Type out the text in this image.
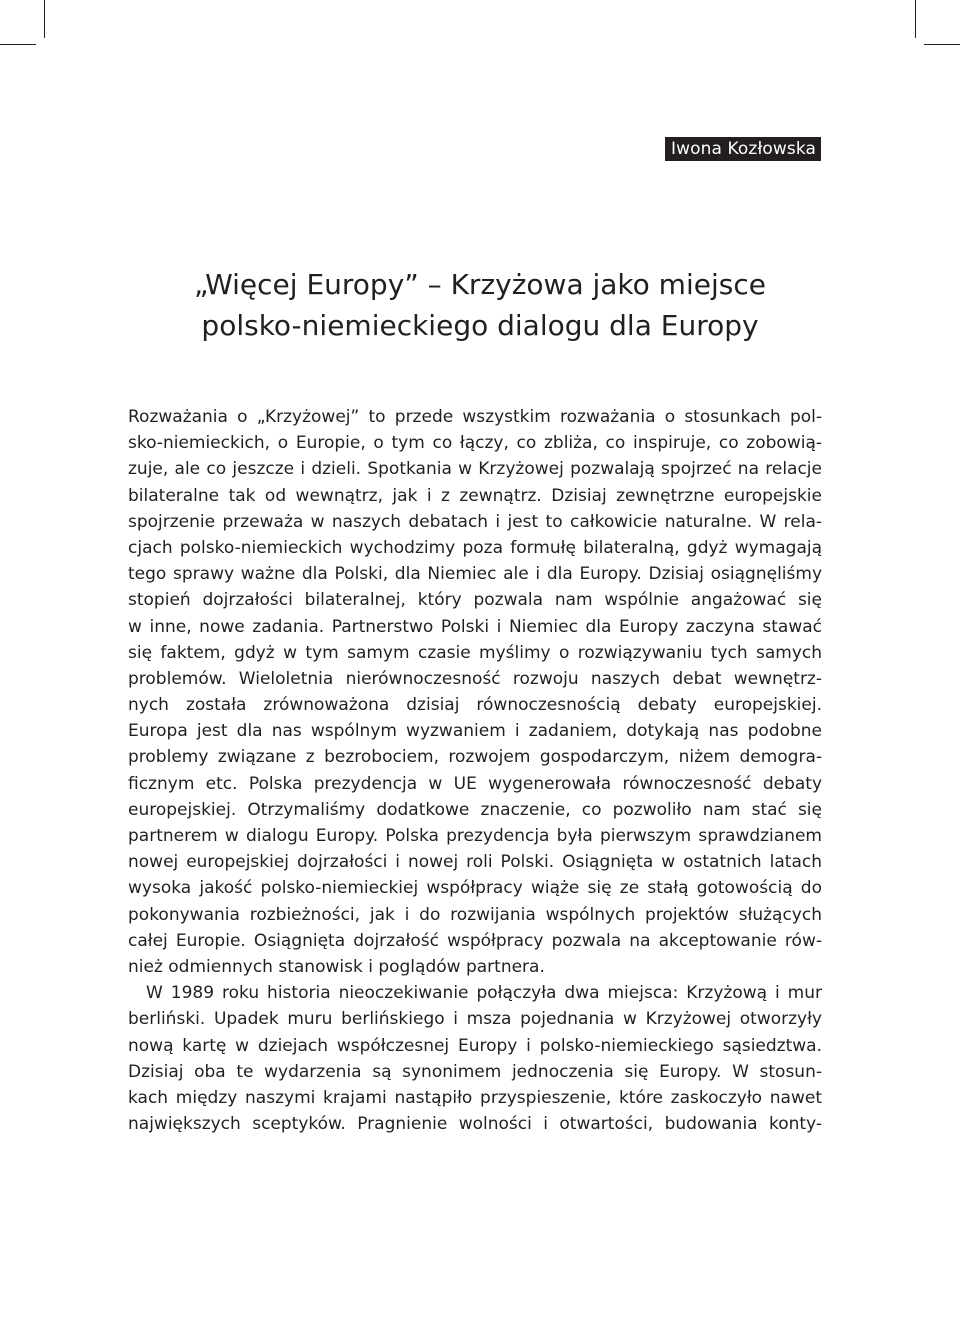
Iwona Kozłowska
„Więcej Europy” – Krzyżowa jako miejsce
polsko-niemieckiego dialogu dla Europy
Rozważania o „Krzyżowej” to przede wszystkim rozważania o stosunkach pol-
sko-niemieckich, o Europie, o tym co łączy, co zbliża, co inspiruje, co zobowią-
zuje, ale co jeszcze i dzieli. Spotkania w Krzyżowej pozwalają spojrzeć na relacje
bilateralne tak od wewnątrz, jak i z zewnątrz. Dzisiaj zewnętrzne europejskie
spojrzenie przeważa w naszych debatach i jest to całkowicie naturalne. W rela-
cjach polsko-niemieckich wychodzimy poza formułę bilateralną, gdyż wymagają
tego sprawy ważne dla Polski, dla Niemiec ale i dla Europy. Dzisiaj osiągnęliśmy
stopień dojrzałości bilateralnej, który pozwala nam wspólnie angażować się
w inne, nowe zadania. Partnerstwo Polski i Niemiec dla Europy zaczyna stawać
się faktem, gdyż w tym samym czasie myślimy o rozwiązywaniu tych samych
problemów. Wieloletnia nierównoczesność rozwoju naszych debat wewnętrz-
nych została zrównoważona dzisiaj równoczesnością debaty europejskiej.
Europa jest dla nas wspólnym wyzwaniem i zadaniem, dotykają nas podobne
problemy związane z bezrobociem, rozwojem gospodarczym, niżem demogra-
ficznym etc. Polska prezydencja w UE wygenerowała równoczesność debaty
europejskiej. Otrzymaliśmy dodatkowe znaczenie, co pozwoliło nam stać się
partnerem w dialogu Europy. Polska prezydencja była pierwszym sprawdzianem
nowej europejskiej dojrzałości i nowej roli Polski. Osiągnięta w ostatnich latach
wysoka jakość polsko-niemieckiej współpracy wiąże się ze stałą gotowością do
pokonywania rozbieżności, jak i do rozwijania wspólnych projektów służących
całej Europie. Osiągnięta dojrzałość współpracy pozwala na akceptowanie rów-
nież odmiennych stanowisk i poglądów partnera.
W 1989 roku historia nieoczekiwanie połączyła dwa miejsca: Krzyżową i mur
berliński. Upadek muru berlińskiego i msza pojednania w Krzyżowej otworzyły
nową kartę w dziejach współczesnej Europy i polsko-niemieckiego sąsiedztwa.
Dzisiaj oba te wydarzenia są synonimem jednoczenia się Europy. W stosun-
kach między naszymi krajami nastąpiło przyspieszenie, które zaskoczyło nawet
największych sceptyków. Pragnienie wolności i otwartości, budowania konty-
